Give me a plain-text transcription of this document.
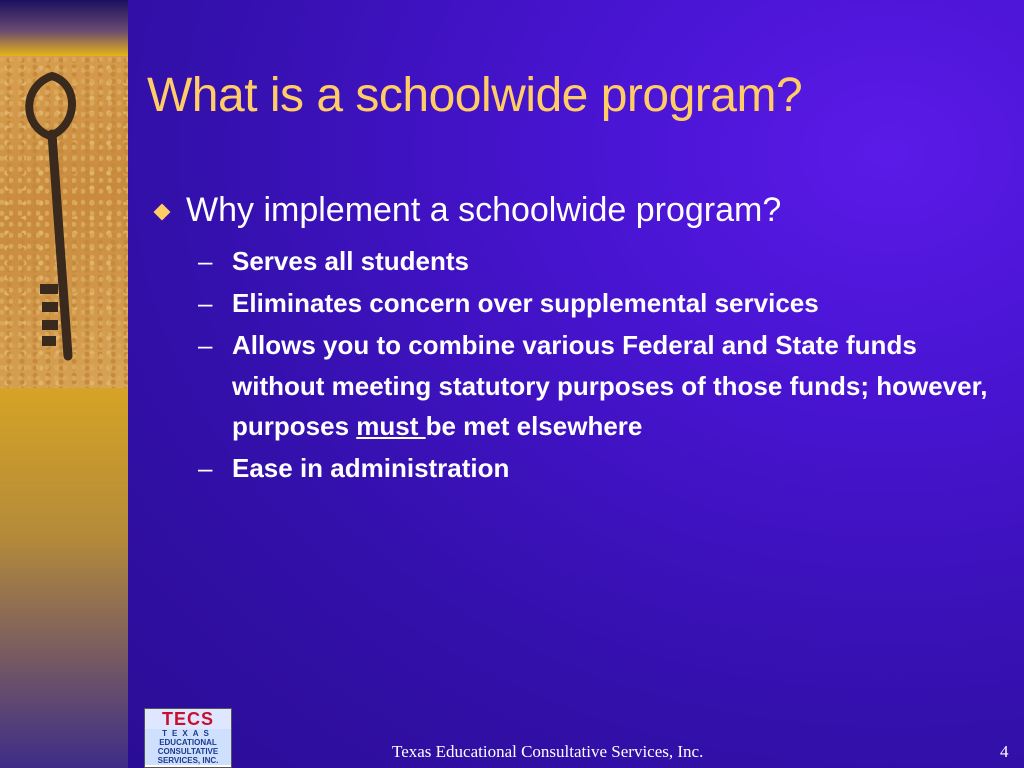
What is a schoolwide program?
Why implement a schoolwide program?
– Serves all students
– Eliminates concern over supplemental services
– Allows you to combine various Federal and State funds without meeting statutory purposes of those funds; however, purposes must be met elsewhere
– Ease in administration
TECS
TEXAS
EDUCATIONAL
CONSULTATIVE
SERVICES, INC.	Texas Educational Consultative Services, Inc.	4
